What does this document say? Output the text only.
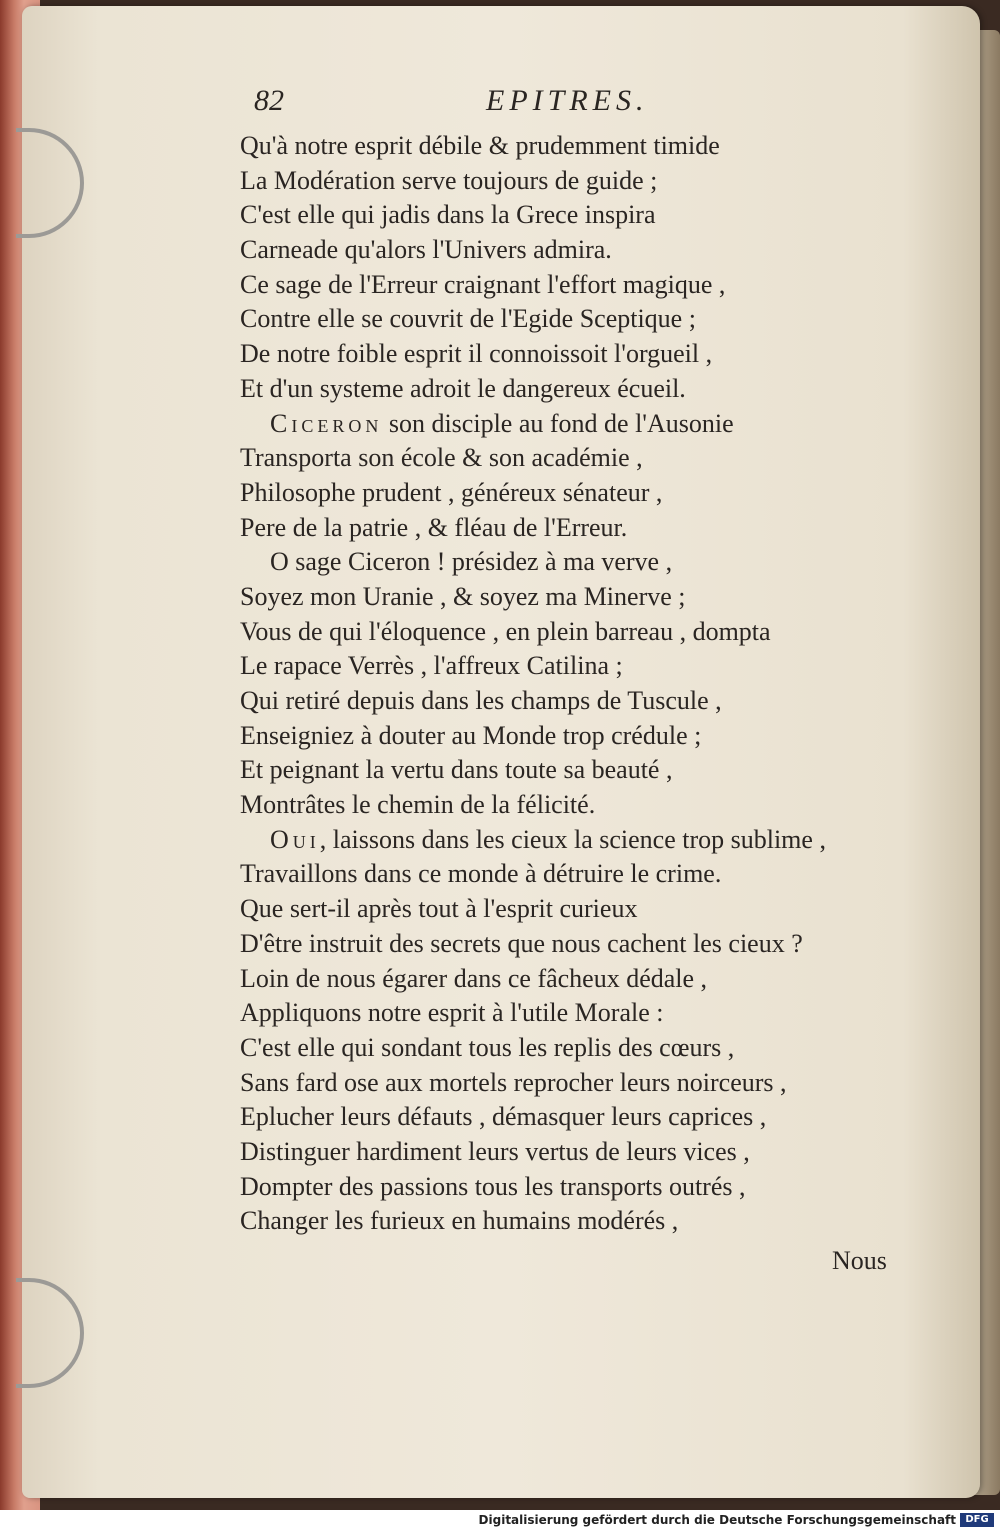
82	EPITRES.
Qu'à notre esprit débile & prudemment timide
La Modération serve toujours de guide ;
C'est elle qui jadis dans la Grece inspira
Carneade qu'alors l'Univers admira.
Ce sage de l'Erreur craignant l'effort magique ,
Contre elle se couvrit de l'Egide Sceptique ;
De notre foible esprit il connoissoit l'orgueil ,
Et d'un systeme adroit le dangereux écueil.
Ciceron son disciple au fond de l'Ausonie
Transporta son école & son académie ,
Philosophe prudent , généreux sénateur ,
Pere de la patrie , & fléau de l'Erreur.
O sage Ciceron ! présidez à ma verve ,
Soyez mon Uranie , & soyez ma Minerve ;
Vous de qui l'éloquence , en plein barreau , dompta
Le rapace Verrès , l'affreux Catilina ;
Qui retiré depuis dans les champs de Tuscule ,
Enseigniez à douter au Monde trop crédule ;
Et peignant la vertu dans toute sa beauté ,
Montrâtes le chemin de la félicité.
Oui, laissons dans les cieux la science trop sublime ,
Travaillons dans ce monde à détruire le crime.
Que sert-il après tout à l'esprit curieux
D'être instruit des secrets que nous cachent les cieux ?
Loin de nous égarer dans ce fâcheux dédale ,
Appliquons notre esprit à l'utile Morale :
C'est elle qui sondant tous les replis des cœurs ,
Sans fard ose aux mortels reprocher leurs noirceurs ,
Eplucher leurs défauts , démasquer leurs caprices ,
Distinguer hardiment leurs vertus de leurs vices ,
Dompter des passions tous les transports outrés ,
Changer les furieux en humains modérés ,
Nous
Digitalisierung gefördert durch die Deutsche Forschungsgemeinschaft DFG
